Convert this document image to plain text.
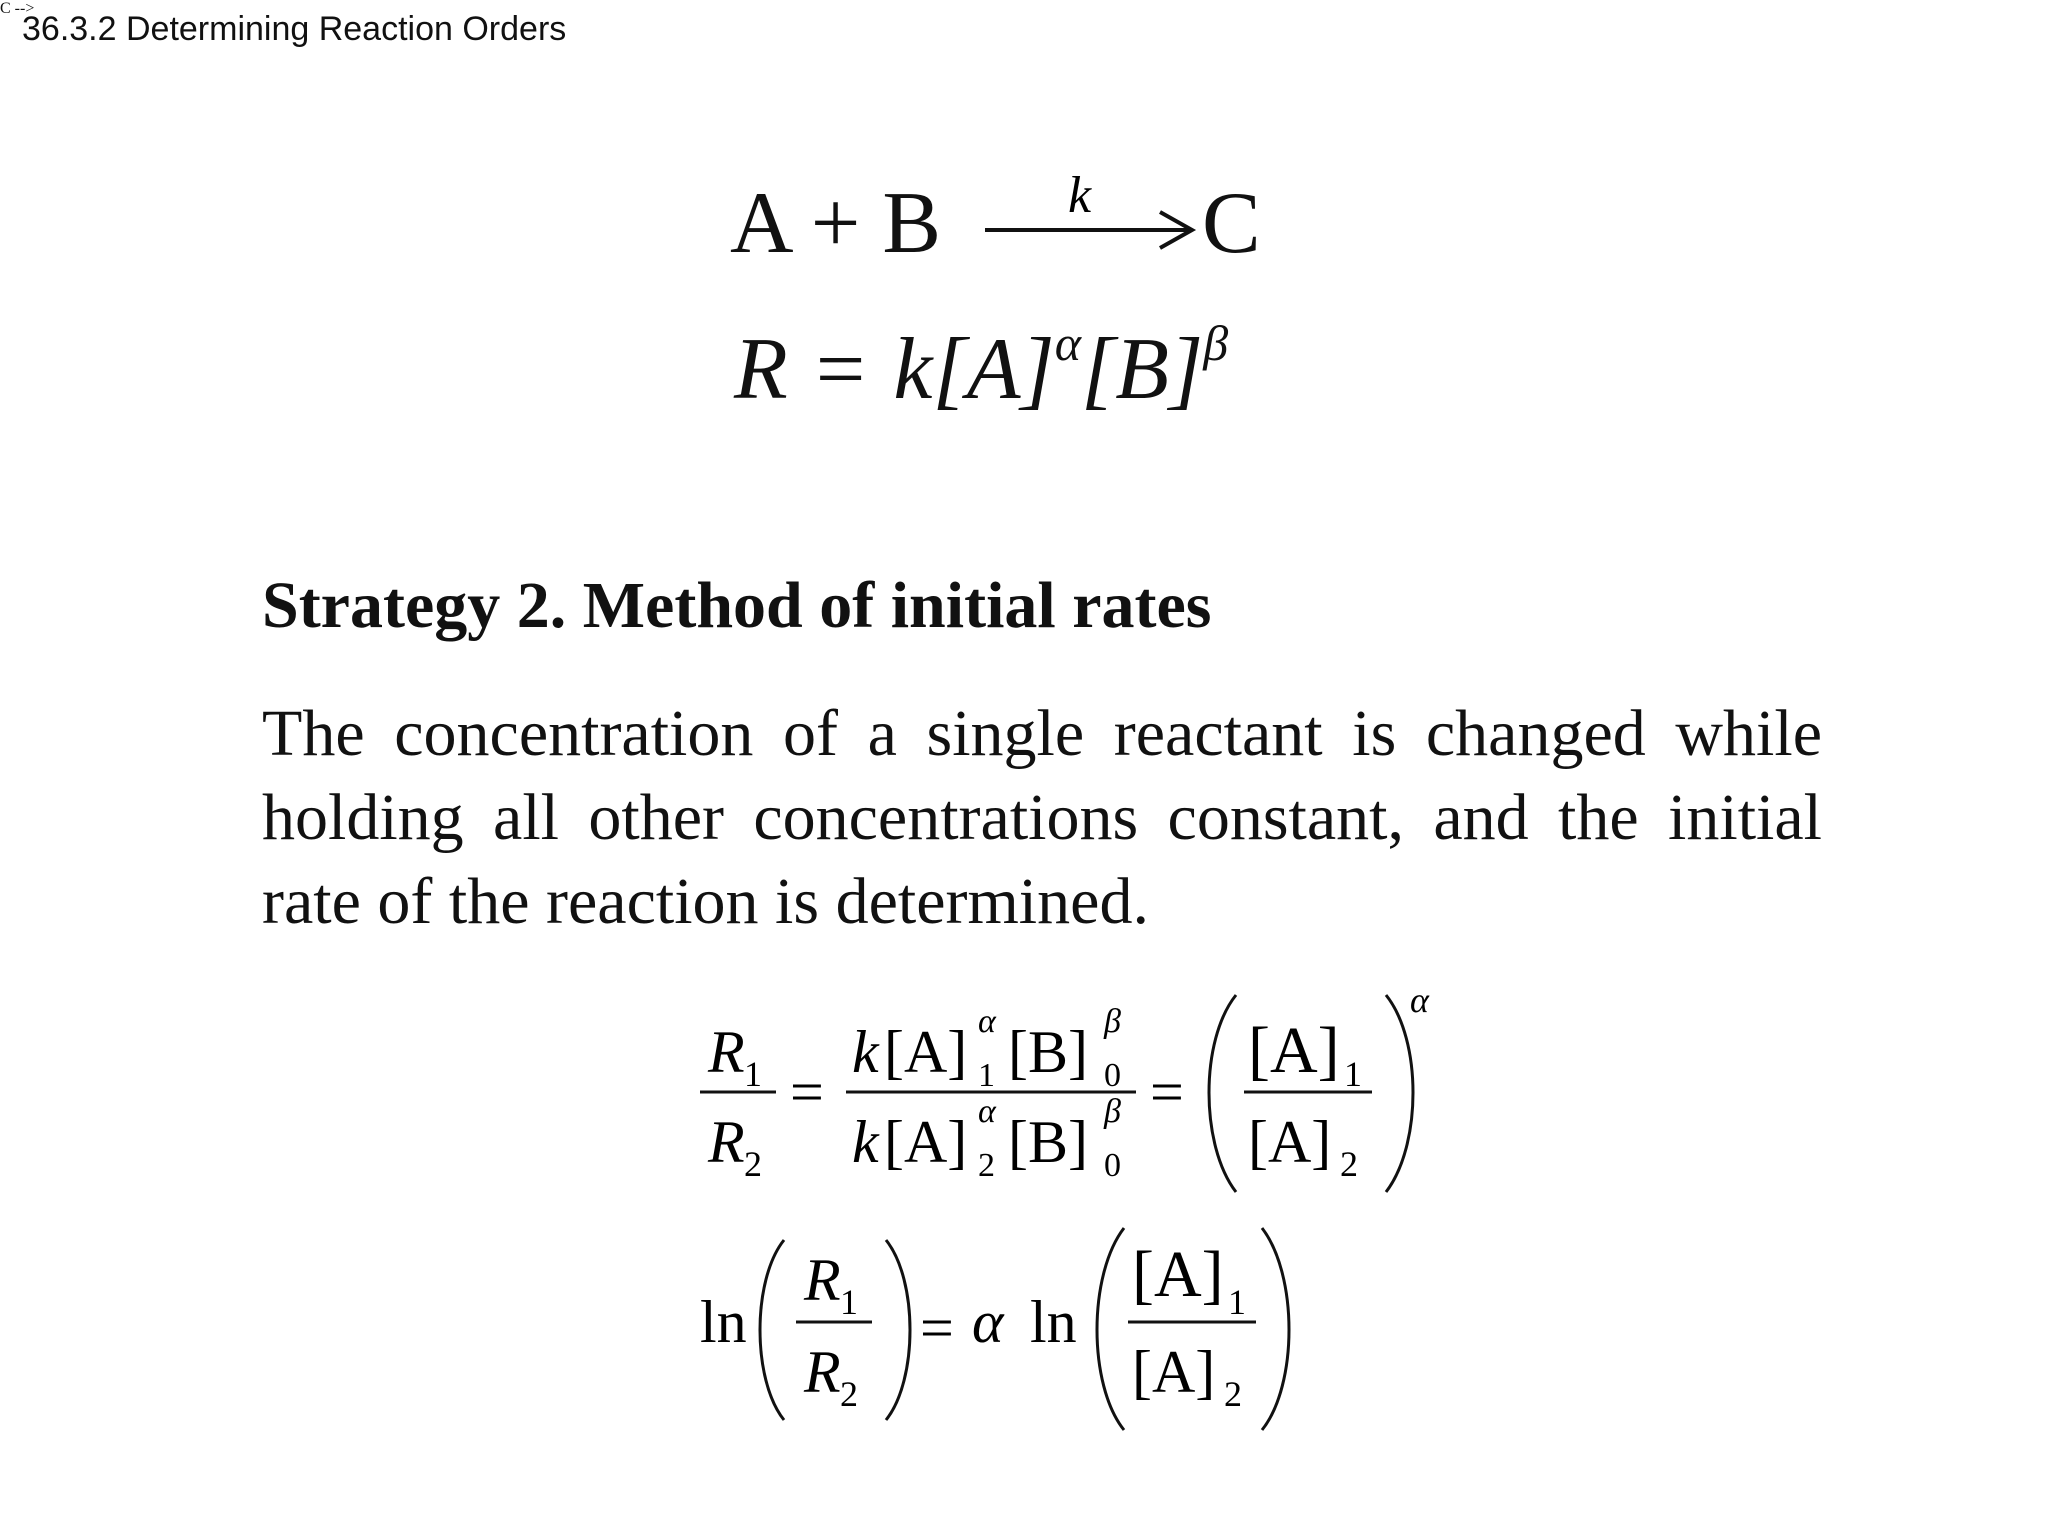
36.3.2 Determining Reaction Orders
C -->
A + B k C
$R = k[A]^\alpha[B]^\beta$
Strategy 2. Method of initial rates
The concentration of a single reactant is changed while holding all other concentrations constant, and the initial rate of the reaction is determined.
R 1
R 2
=
k [A] α
1 [B] β
0
k [A] α
2 [B] β
0
=
[A] 1
[A] 2
α
ln
R 1
R 2
= α ln
[A] 1
[A] 2
